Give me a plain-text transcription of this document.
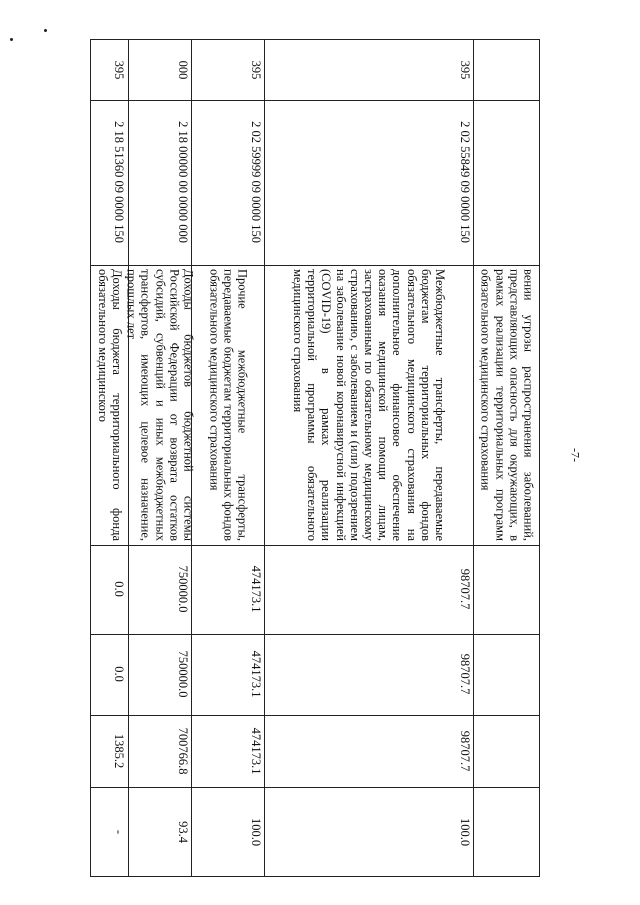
-7-
вении угрозы распространения заболеваний, представляющих опасность для окружающих, в рамках реализации территориальных программ обязательного медицинского страхования
395
2 02 55849 09 0000 150
Межбюджетные трансферты, передаваемые бюджетам территориальных фондов обязательного медицинского страхования на дополнительное финансовое обеспечение оказания медицинской помощи лицам, застрахованным по обязательному медицинскому страхованию, с заболеванием и (или) подозрением на заболевание новой коронавирусной инфекцией (COVID-19) в рамках реализации территориальной программы обязательного медицинского страхования
98707.7
98707.7
98707.7
100.0
395
2 02 59999 09 0000 150
Прочие межбюджетные трансферты, передаваемые бюджетам территориальных фондов обязательного медицинского страхования
474173.1
474173.1
474173.1
100.0
000
2 18 00000 00 0000 000
Доходы бюджетов бюджетной системы Российской Федерации от возврата остатков субсидий, субвенций и иных межбюджетных трансфертов, имеющих целевое назначение, прошлых лет
750000.0
750000.0
700766.8
93.4
395
2 18 51360 09 0000 150
Доходы бюджета территориального фонда обязательного медицинского
0.0
0.0
1385.2
-
